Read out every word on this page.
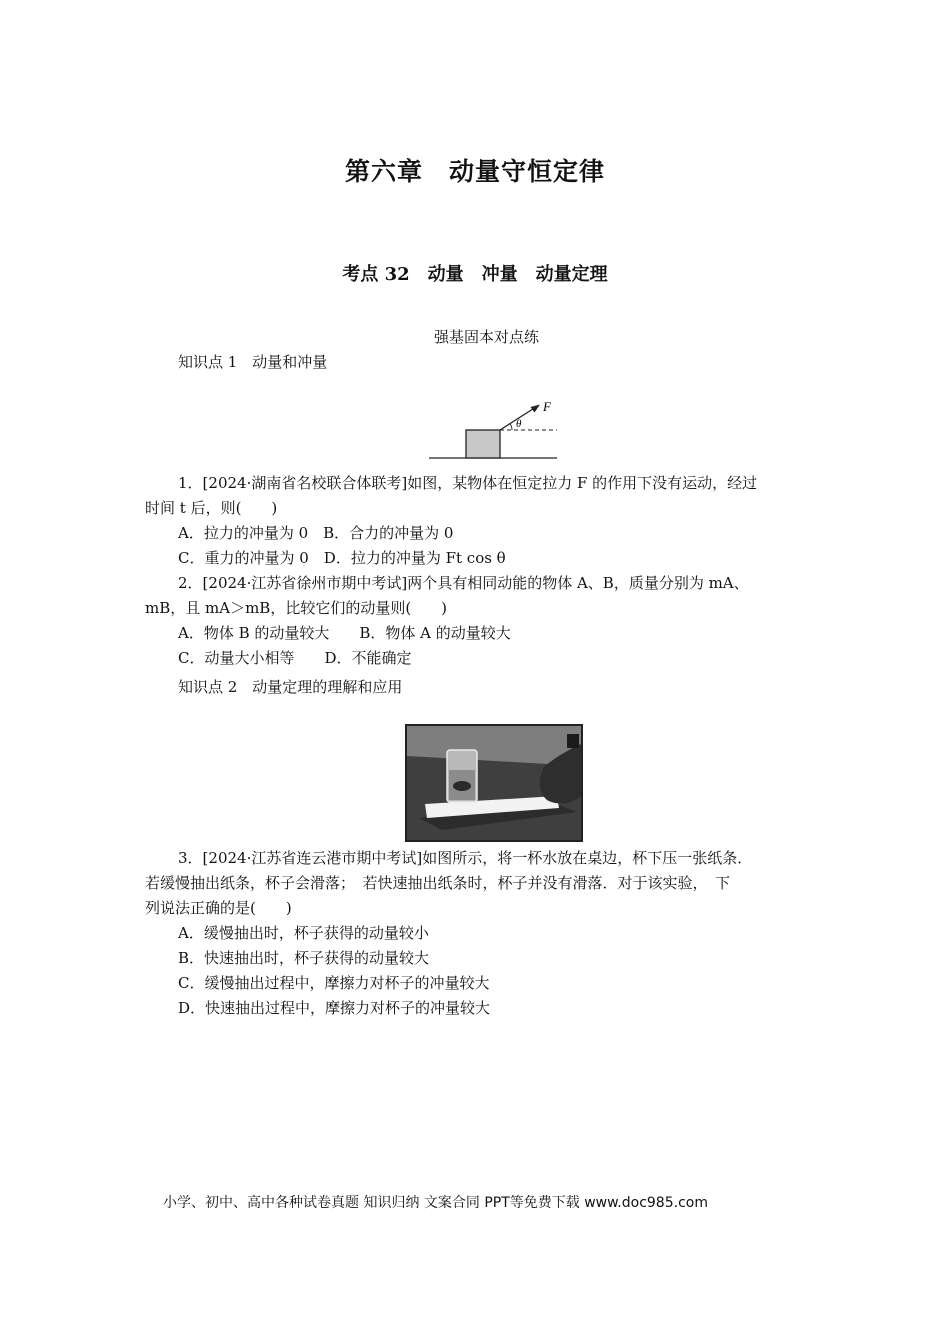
第六章　动量守恒定律
考点 32　动量　冲量　动量定理
强基固本对点练
知识点 1　动量和冲量
F
θ
1．[2024·湖南省名校联合体联考]如图，某物体在恒定拉力 F 的作用下没有运动，经过
时间 t 后，则(　　)
A．拉力的冲量为 0　B．合力的冲量为 0
C．重力的冲量为 0　D．拉力的冲量为 Ft cos θ
2．[2024·江苏省徐州市期中考试]两个具有相同动能的物体 A、B，质量分别为 mA、
mB，且 mA＞mB，比较它们的动量则(　　)
A．物体 B 的动量较大　　B．物体 A 的动量较大
C．动量大小相等　　D．不能确定
知识点 2　动量定理的理解和应用
3．[2024·江苏省连云港市期中考试]如图所示，将一杯水放在桌边，杯下压一张纸条．
若缓慢抽出纸条，杯子会滑落；　若快速抽出纸条时，杯子并没有滑落．对于该实验，　下
列说法正确的是(　　)
A．缓慢抽出时，杯子获得的动量较小
B．快速抽出时，杯子获得的动量较大
C．缓慢抽出过程中，摩擦力对杯子的冲量较大
D．快速抽出过程中，摩擦力对杯子的冲量较大
小学、初中、高中各种试卷真题 知识归纳 文案合同 PPT等免费下载 www.doc985.com
